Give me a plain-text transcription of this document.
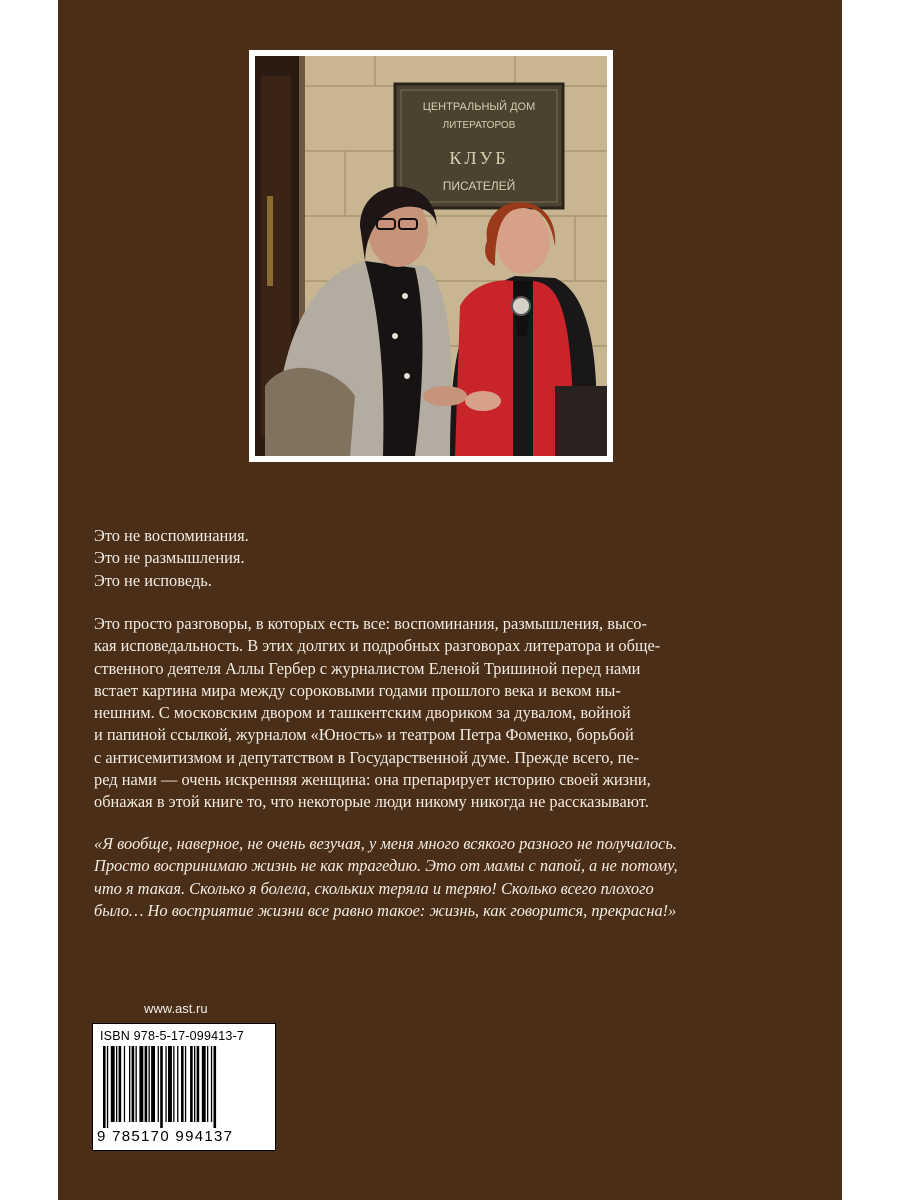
ЦЕНТРАЛЬНЫЙ ДОМ
ЛИТЕРАТОРОВ
КЛУБ
ПИСАТЕЛЕЙ

Это не воспоминания.

Это не размышления.

Это не исповедь.

Это просто разговоры, в которых есть все: воспоминания, размышления, высо-

кая исповедальность. В этих долгих и подробных разговорах литератора и обще-

ственного деятеля Аллы Гербер с журналистом Еленой Тришиной перед нами

встает картина мира между сороковыми годами прошлого века и веком ны-

нешним. С московским двором и ташкентским двориком за дувалом, войной

и папиной ссылкой, журналом «Юность» и театром Петра Фоменко, борьбой

с антисемитизмом и депутатством в Государственной думе. Прежде всего, пе-

ред нами — очень искренняя женщина: она препарирует историю своей жизни,

обнажая в этой книге то, что некоторые люди никому никогда не рассказывают.

«Я вообще, наверное, не очень везучая, у меня много всякого разного не получалось.

Просто воспринимаю жизнь не как трагедию. Это от мамы с папой, а не потому,

что я такая. Сколько я болела, скольких теряла и теряю! Сколько всего плохого

было… Но восприятие жизни все равно такое: жизнь, как говорится, прекрасна!»

www.ast.ru
ISBN 978-5-17-099413-7
9 785170 994137
